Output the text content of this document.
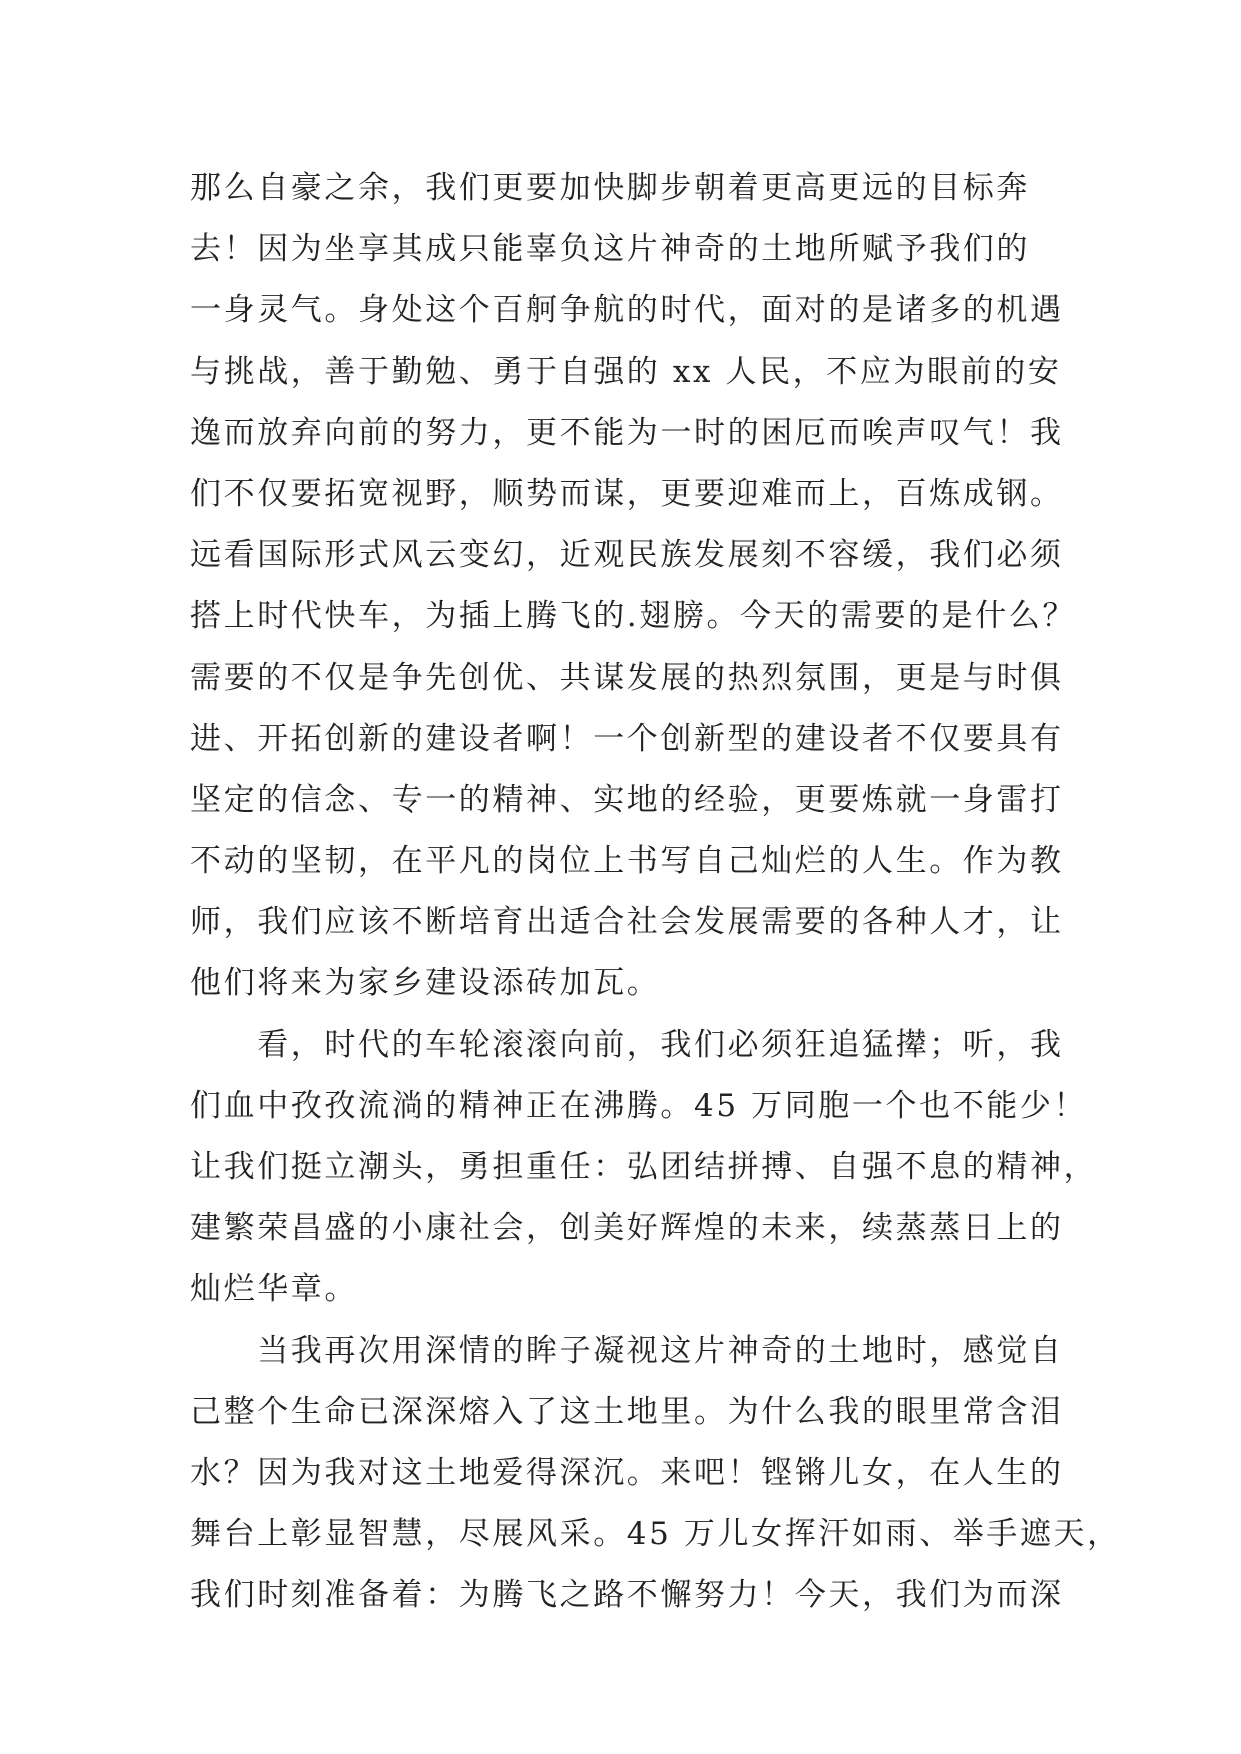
那么自豪之余，我们更要加快脚步朝着更高更远的目标奔
去！因为坐享其成只能辜负这片神奇的土地所赋予我们的
一身灵气。身处这个百舸争航的时代，面对的是诸多的机遇
与挑战，善于勤勉、勇于自强的 xx 人民，不应为眼前的安
逸而放弃向前的努力，更不能为一时的困厄而唉声叹气！我
们不仅要拓宽视野，顺势而谋，更要迎难而上，百炼成钢。
远看国际形式风云变幻，近观民族发展刻不容缓，我们必须
搭上时代快车，为插上腾飞的.翅膀。今天的需要的是什么？
需要的不仅是争先创优、共谋发展的热烈氛围，更是与时俱
进、开拓创新的建设者啊！一个创新型的建设者不仅要具有
坚定的信念、专一的精神、实地的经验，更要炼就一身雷打
不动的坚韧，在平凡的岗位上书写自己灿烂的人生。作为教
师，我们应该不断培育出适合社会发展需要的各种人才，让
他们将来为家乡建设添砖加瓦。
　　看，时代的车轮滚滚向前，我们必须狂追猛撵；听，我
们血中孜孜流淌的精神正在沸腾。45 万同胞一个也不能少！
让我们挺立潮头，勇担重任：弘团结拼搏、自强不息的精神，
建繁荣昌盛的小康社会，创美好辉煌的未来，续蒸蒸日上的
灿烂华章。
　　当我再次用深情的眸子凝视这片神奇的土地时，感觉自
己整个生命已深深熔入了这土地里。为什么我的眼里常含泪
水？因为我对这土地爱得深沉。来吧！铿锵儿女，在人生的
舞台上彰显智慧，尽展风采。45 万儿女挥汗如雨、举手遮天，
我们时刻准备着：为腾飞之路不懈努力！今天，我们为而深
